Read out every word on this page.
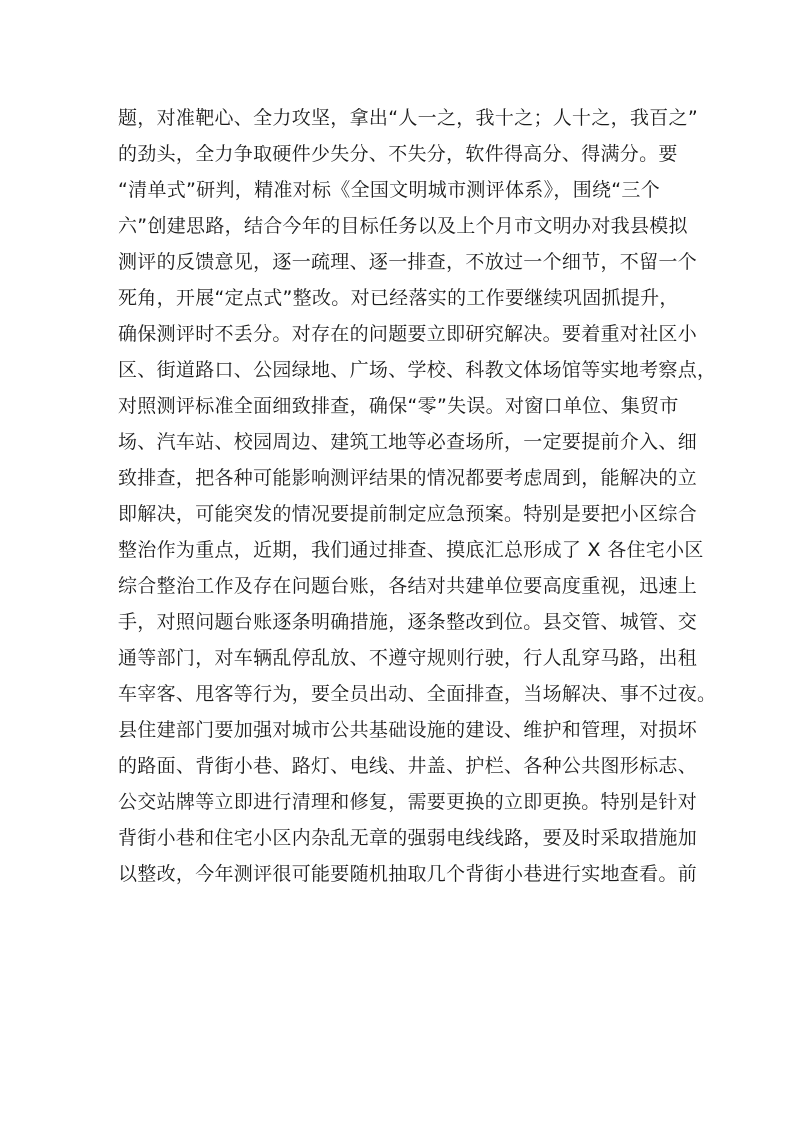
题，对准靶心、全力攻坚，拿出“人一之，我十之；人十之，我百之”
的劲头，全力争取硬件少失分、不失分，软件得高分、得满分。要
“清单式”研判，精准对标《全国文明城市测评体系》，围绕“三个
六”创建思路，结合今年的目标任务以及上个月市文明办对我县模拟
测评的反馈意见，逐一疏理、逐一排查，不放过一个细节，不留一个
死角，开展“定点式”整改。对已经落实的工作要继续巩固抓提升，
确保测评时不丢分。对存在的问题要立即研究解决。要着重对社区小
区、街道路口、公园绿地、广场、学校、科教文体场馆等实地考察点，
对照测评标准全面细致排查，确保“零”失误。对窗口单位、集贸市
场、汽车站、校园周边、建筑工地等必查场所，一定要提前介入、细
致排查，把各种可能影响测评结果的情况都要考虑周到，能解决的立
即解决，可能突发的情况要提前制定应急预案。特别是要把小区综合
整治作为重点，近期，我们通过排查、摸底汇总形成了 X 各住宅小区
综合整治工作及存在问题台账，各结对共建单位要高度重视，迅速上
手，对照问题台账逐条明确措施，逐条整改到位。县交管、城管、交
通等部门，对车辆乱停乱放、不遵守规则行驶，行人乱穿马路，出租
车宰客、甩客等行为，要全员出动、全面排查，当场解决、事不过夜。
县住建部门要加强对城市公共基础设施的建设、维护和管理，对损坏
的路面、背街小巷、路灯、电线、井盖、护栏、各种公共图形标志、
公交站牌等立即进行清理和修复，需要更换的立即更换。特别是针对
背街小巷和住宅小区内杂乱无章的强弱电线线路，要及时采取措施加
以整改，今年测评很可能要随机抽取几个背街小巷进行实地查看。前
